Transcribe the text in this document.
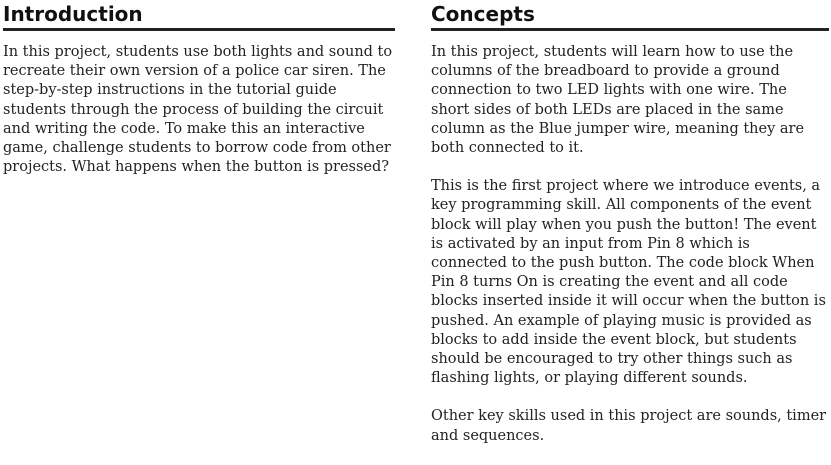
Introduction

In this project, students use both lights and sound to recreate their own version of a police car siren. The step-by-step instructions in the tutorial guide students through the process of building the circuit and writing the code. To make this an interactive game, challenge students to borrow code from other projects. What happens when the button is pressed?

Concepts

In this project, students will learn how to use the columns of the breadboard to provide a ground connection to two LED lights with one wire. The short sides of both LEDs are placed in the same column as the Blue jumper wire, meaning they are both connected to it.

This is the first project where we introduce events, a key programming skill. All components of the event block will play when you push the button! The event is activated by an input from Pin 8 which is connected to the push button. The code block When Pin 8 turns On is creating the event and all code blocks inserted inside it will occur when the button is pushed. An example of playing music is provided as blocks to add inside the event block, but students should be encouraged to try other things such as flashing lights, or playing different sounds.

Other key skills used in this project are sounds, timer and sequences.
